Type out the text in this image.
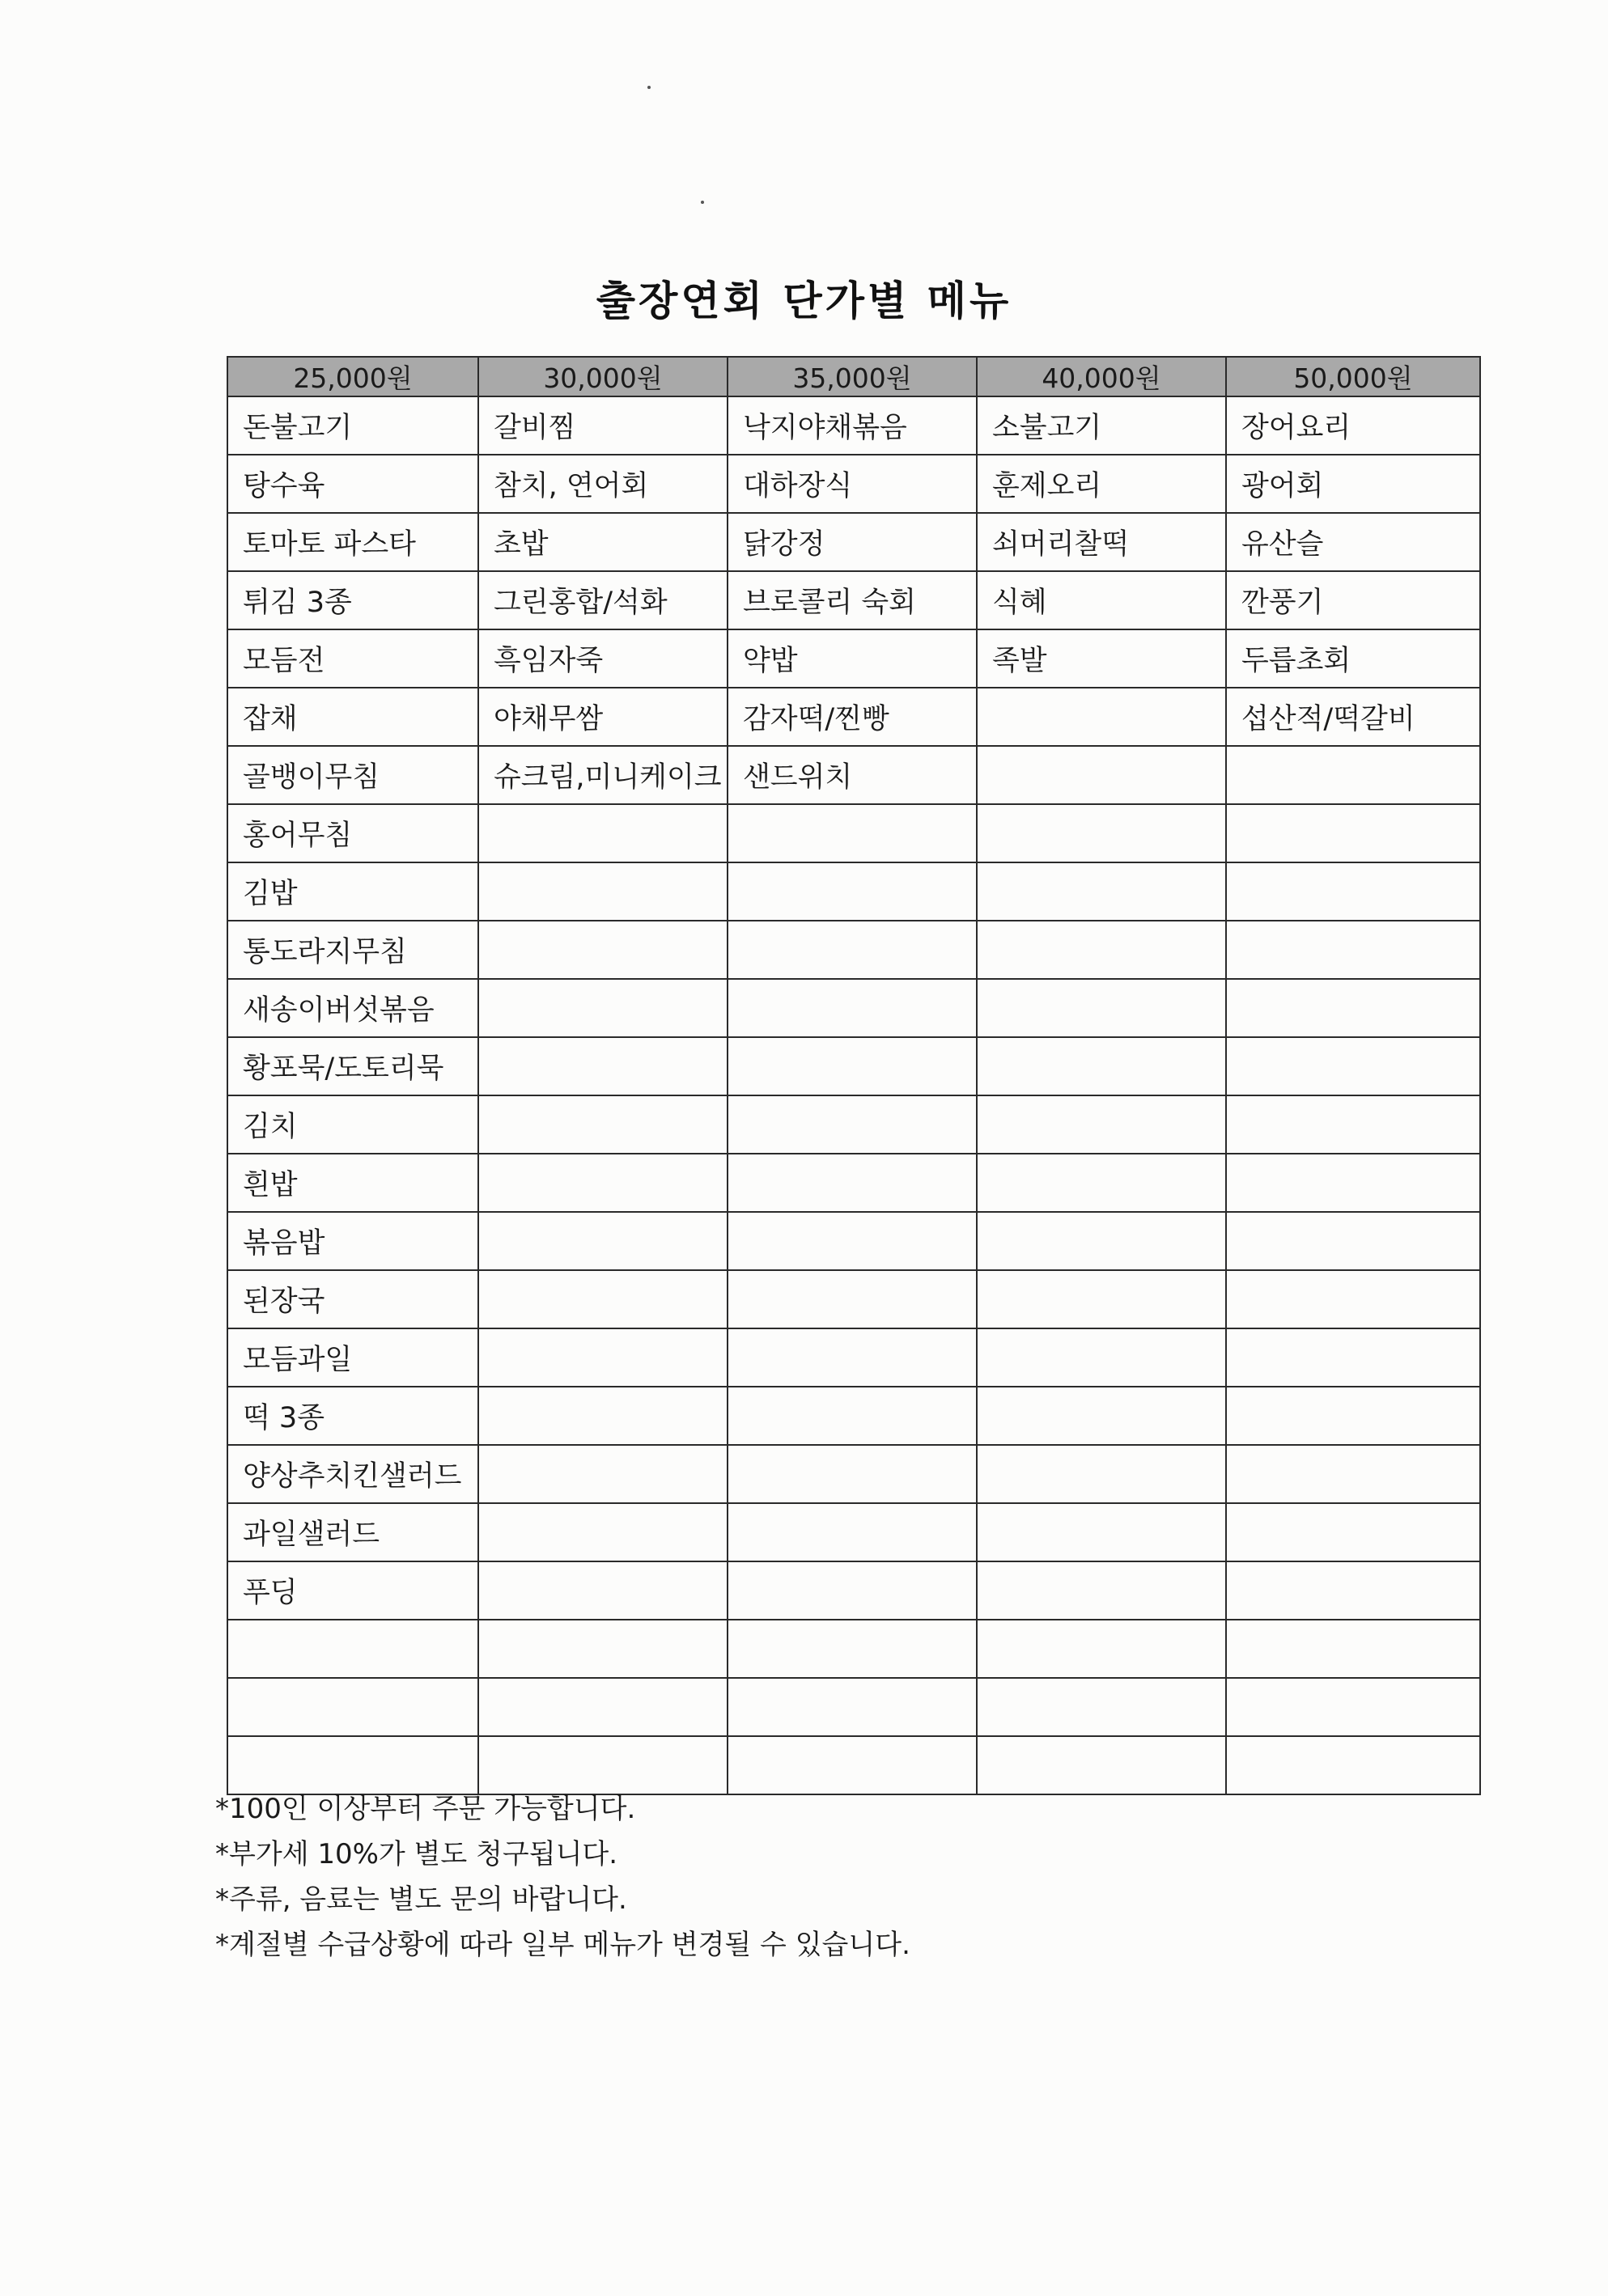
출장연회 단가별 메뉴
25,000원	30,000원	35,000원	40,000원	50,000원
돈불고기	갈비찜	낙지야채볶음	소불고기	장어요리
탕수육	참치, 연어회	대하장식	훈제오리	광어회
토마토 파스타	초밥	닭강정	쇠머리찰떡	유산슬
튀김 3종	그린홍합/석화	브로콜리 숙회	식혜	깐풍기
모듬전	흑임자죽	약밥	족발	두릅초회
잡채	야채무쌈	감자떡/찐빵		섭산적/떡갈비
골뱅이무침	슈크림,미니케이크	샌드위치		
홍어무침				
김밥				
통도라지무침				
새송이버섯볶음				
황포묵/도토리묵				
김치				
흰밥				
볶음밥				
된장국				
모듬과일				
떡 3종				
양상추치킨샐러드				
과일샐러드				
푸딩				

*100인 이상부터 주문 가능합니다.
*부가세 10%가 별도 청구됩니다.
*주류, 음료는 별도 문의 바랍니다.
*계절별 수급상황에 따라 일부 메뉴가 변경될 수 있습니다.
